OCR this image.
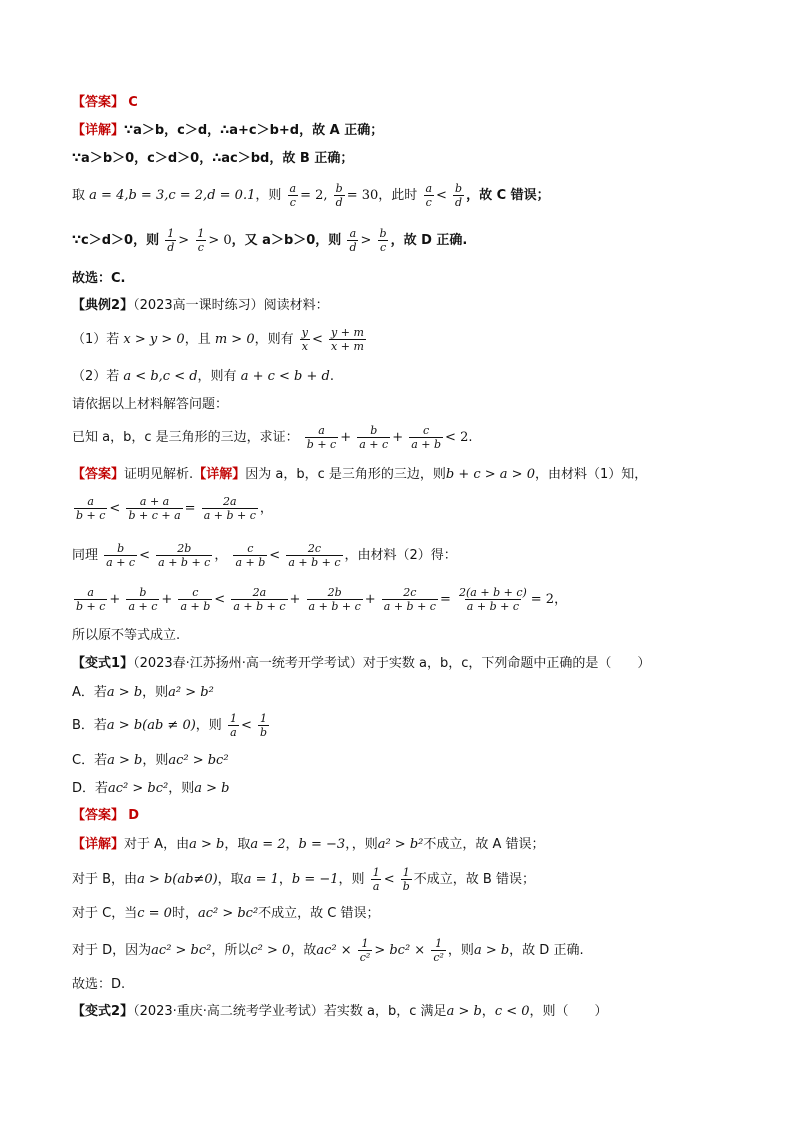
【答案】 C
【详解】∵a＞b，c＞d，∴a+c＞b+d，故 A 正确；
∵a＞b＞0，c＞d＞0，∴ac＞bd，故 B 正确；
取 a = 4,b = 3,c = 2,d = 0.1，则 $\frac{a}{c} = 2$, $\frac{b}{d} = 30$，此时 $\frac{a}{c} < \frac{b}{d}$ ，故 C 错误；
∵c＞d＞0，则 $\frac{1}{d} > \frac{1}{c} > 0$，又 a＞b＞0，则 $\frac{a}{d} > \frac{b}{c}$ ，故 D 正确.
故选：C.
【典例2】（2023高一课时练习）阅读材料：
（1）若 x > y > 0，且 m > 0，则有 $\frac{y}{x} < \frac{y + m}{x + m}$
（2）若 a < b,c < d，则有 a + c < b + d.
请依据以上材料解答问题：
已知 a，b，c 是三角形的三边，求证： $\frac{a}{b + c} + \frac{b}{a + c} + \frac{c}{a + b} < 2$.
【答案】证明见解析.【详解】因为 a，b，c 是三角形的三边，则b + c > a > 0，由材料（1）知，
$\frac{a}{b + c} < \frac{a + a}{b + c + a} = \frac{2a}{a + b + c}$ ，
同理 $\frac{b}{a + c} < \frac{2b}{a + b + c}$ ， $\frac{c}{a + b} < \frac{2c}{a + b + c}$ ，由材料（2）得：
$\frac{a}{b + c} + \frac{b}{a + c} + \frac{c}{a + b} < \frac{2a}{a + b + c} + \frac{2b}{a + b + c} + \frac{2c}{a + b + c} = \frac{2(a + b + c)}{a + b + c} = 2$，
所以原不等式成立.
【变式1】（2023春·江苏扬州·高一统考开学考试）对于实数 a，b，c，下列命题中正确的是（　　）
A．若a > b，则a² > b²
B．若a > b(ab ≠ 0)，则 $\frac{1}{a} < \frac{1}{b}$
C．若a > b，则ac² > bc²
D．若ac² > bc²，则a > b
【答案】 D
【详解】对于 A，由a > b，取a = 2，b = −3，，则a² > b²不成立，故 A 错误；
对于 B，由a > b(ab≠0)，取a = 1，b = −1，则 $\frac{1}{a} < \frac{1}{b}$ 不成立，故 B 错误；
对于 C，当c = 0时，ac² > bc²不成立，故 C 错误；
对于 D，因为ac² > bc²，所以c² > 0，故$ac^2 \times \frac{1}{\text{c²}} > bc^2 \times \frac{1}{\text{c²}}$ ，则a > b，故 D 正确.
故选：D.
【变式2】（2023·重庆·高二统考学业考试）若实数 a，b，c 满足a > b，c < 0，则（　　）
